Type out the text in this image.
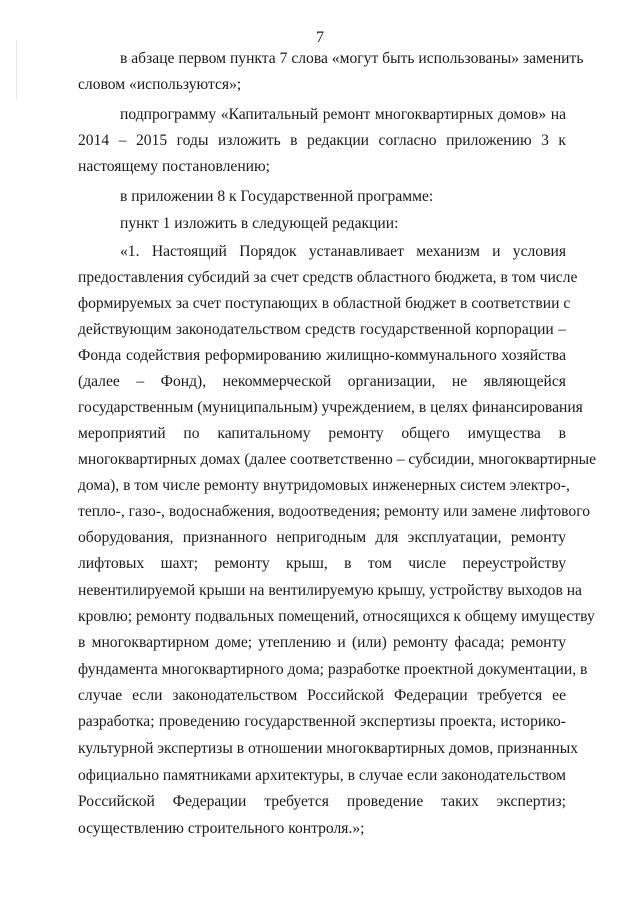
7
в абзаце первом пункта 7 слова «могут быть использованы» заменить
словом «используются»;
подпрограмму «Капитальный ремонт многоквартирных домов» на
2014 – 2015 годы изложить в редакции согласно приложению 3 к
настоящему постановлению;
в приложении 8 к Государственной программе:
пункт 1 изложить в следующей редакции:
«1. Настоящий Порядок устанавливает механизм и условия
предоставления субсидий за счет средств областного бюджета, в том числе
формируемых за счет поступающих в областной бюджет в соответствии с
действующим законодательством средств государственной корпорации –
Фонда содействия реформированию жилищно-коммунального хозяйства
(далее – Фонд), некоммерческой организации, не являющейся
государственным (муниципальным) учреждением, в целях финансирования
мероприятий по капитальному ремонту общего имущества в
многоквартирных домах (далее соответственно – субсидии, многоквартирные
дома), в том числе ремонту внутридомовых инженерных систем электро-,
тепло-, газо-, водоснабжения, водоотведения; ремонту или замене лифтового
оборудования, признанного непригодным для эксплуатации, ремонту
лифтовых шахт; ремонту крыш, в том числе переустройству
невентилируемой крыши на вентилируемую крышу, устройству выходов на
кровлю; ремонту подвальных помещений, относящихся к общему имуществу
в многоквартирном доме; утеплению и (или) ремонту фасада; ремонту
фундамента многоквартирного дома; разработке проектной документации, в
случае если законодательством Российской Федерации требуется ее
разработка; проведению государственной экспертизы проекта, историко-
культурной экспертизы в отношении многоквартирных домов, признанных
официально памятниками архитектуры, в случае если законодательством
Российской Федерации требуется проведение таких экспертиз;
осуществлению строительного контроля.»;
